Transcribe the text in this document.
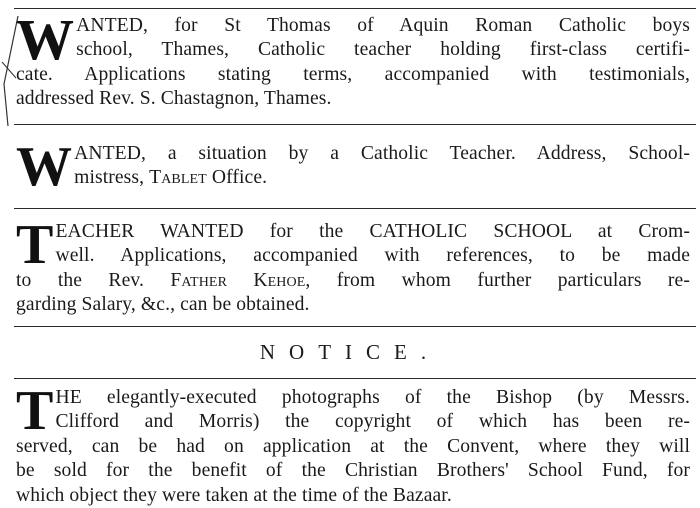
W ANTED, for St Thomas of Aquin Roman Catholic boys
school, Thames, Catholic teacher holding first-class certifi-
cate. Applications stating terms, accompanied with testimonials,
addressed Rev. S. Chastagnon, Thames.
W ANTED, a situation by a Catholic Teacher. Address, School-
mistress, Tablet Office.
T EACHER WANTED for the CATHOLIC SCHOOL at Crom-
well. Applications, accompanied with references, to be made
to the Rev. Father Kehoe, from whom further particulars re-
garding Salary, &c., can be obtained.
NOTICE.
T HE elegantly-executed photographs of the Bishop (by Messrs.
Clifford and Morris) the copyright of which has been re-
served, can be had on application at the Convent, where they will
be sold for the benefit of the Christian Brothers' School Fund, for
which object they were taken at the time of the Bazaar.
